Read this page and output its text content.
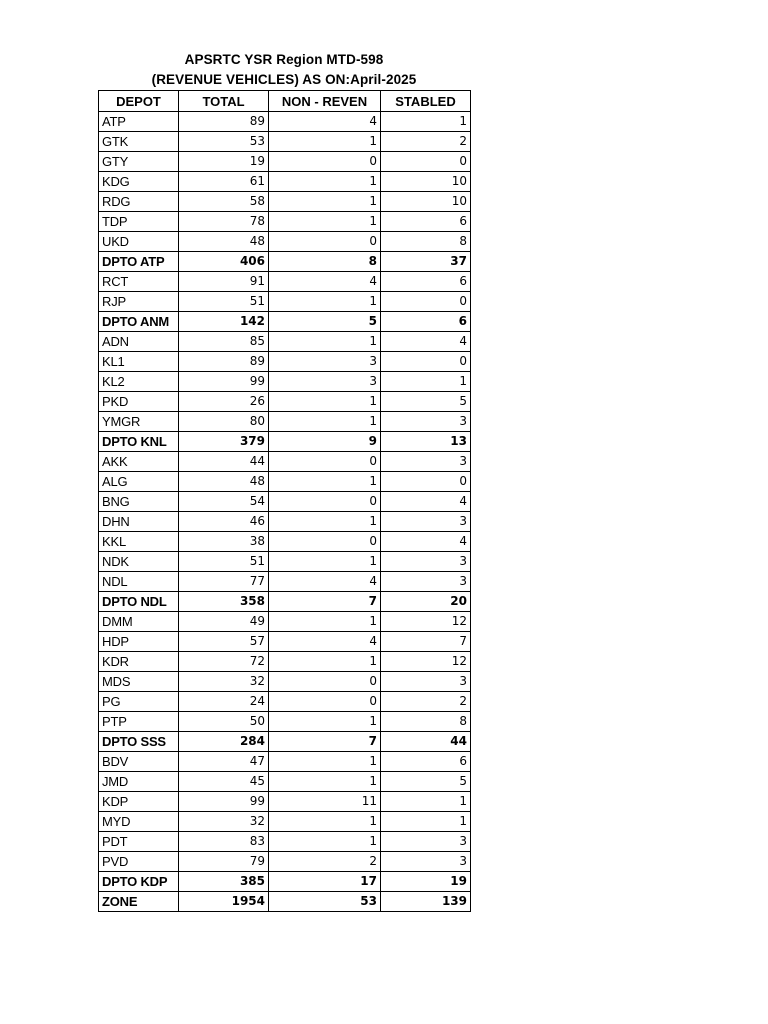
APSRTC YSR Region MTD-598
(REVENUE VEHICLES) AS ON:April-2025
DEPOT	TOTAL	NON - REVEN	STABLED
ATP	89	4	1
GTK	53	1	2
GTY	19	0	0
KDG	61	1	10
RDG	58	1	10
TDP	78	1	6
UKD	48	0	8
DPTO ATP	406	8	37
RCT	91	4	6
RJP	51	1	0
DPTO ANM	142	5	6
ADN	85	1	4
KL1	89	3	0
KL2	99	3	1
PKD	26	1	5
YMGR	80	1	3
DPTO KNL	379	9	13
AKK	44	0	3
ALG	48	1	0
BNG	54	0	4
DHN	46	1	3
KKL	38	0	4
NDK	51	1	3
NDL	77	4	3
DPTO NDL	358	7	20
DMM	49	1	12
HDP	57	4	7
KDR	72	1	12
MDS	32	0	3
PG	24	0	2
PTP	50	1	8
DPTO SSS	284	7	44
BDV	47	1	6
JMD	45	1	5
KDP	99	11	1
MYD	32	1	1
PDT	83	1	3
PVD	79	2	3
DPTO KDP	385	17	19
ZONE	1954	53	139
